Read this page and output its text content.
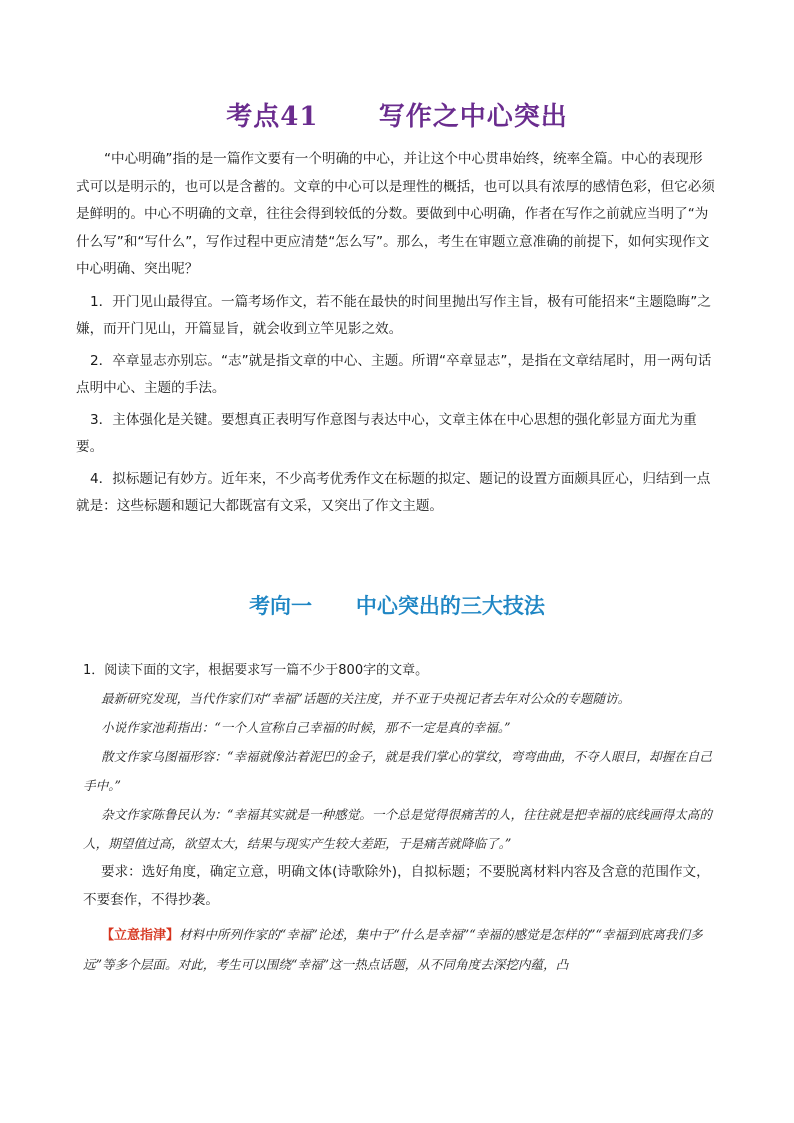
考点41      写作之中心突出

“中心明确”指的是一篇作文要有一个明确的中心，并让这个中心贯串始终，统率全篇。中心的表现形式可以是明示的，也可以是含蓄的。文章的中心可以是理性的概括，也可以具有浓厚的感情色彩，但它必须是鲜明的。中心不明确的文章，往往会得到较低的分数。要做到中心明确，作者在写作之前就应当明了“为什么写”和“写什么”，写作过程中更应清楚“怎么写”。那么，考生在审题立意准确的前提下，如何实现作文中心明确、突出呢？

1．开门见山最得宜。一篇考场作文，若不能在最快的时间里抛出写作主旨，极有可能招来“主题隐晦”之嫌，而开门见山，开篇显旨，就会收到立竿见影之效。

2．卒章显志亦别忘。“志”就是指文章的中心、主题。所谓“卒章显志”，是指在文章结尾时，用一两句话点明中心、主题的手法。

3．主体强化是关键。要想真正表明写作意图与表达中心，文章主体在中心思想的强化彰显方面尤为重要。

4．拟标题记有妙方。近年来，不少高考优秀作文在标题的拟定、题记的设置方面颇具匠心，归结到一点就是：这些标题和题记大都既富有文采，又突出了作文主题。

考向一      中心突出的三大技法

1．阅读下面的文字，根据要求写一篇不少于800字的文章。

最新研究发现，当代作家们对“幸福”话题的关注度，并不亚于央视记者去年对公众的专题随访。

小说作家池莉指出：“一个人宣称自己幸福的时候，那不一定是真的幸福。”

散文作家乌图福形容：“幸福就像沾着泥巴的金子，就是我们掌心的掌纹，弯弯曲曲，不夺人眼目，却握在自己手中。”

杂文作家陈鲁民认为：“幸福其实就是一种感觉。一个总是觉得很痛苦的人，往往就是把幸福的底线画得太高的人，期望值过高，欲望太大，结果与现实产生较大差距，于是痛苦就降临了。”

要求：选好角度，确定立意，明确文体(诗歌除外)，自拟标题；不要脱离材料内容及含意的范围作文，不要套作，不得抄袭。

【立意指津】材料中所列作家的“幸福”论述，集中于“什么是幸福”“幸福的感觉是怎样的”“幸福到底离我们多远”等多个层面。对此，考生可以围绕“幸福”这一热点话题，从不同角度去深挖内蕴，凸
